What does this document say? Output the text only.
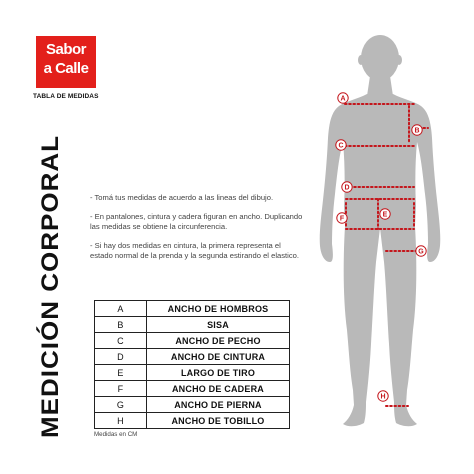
Sabor
a Calle
TABLA DE MEDIDAS
MEDICIÓN CORPORAL	- Tomá tus medidas de acuerdo a las lineas del dibujo.

- En pantalones, cintura y cadera figuran en ancho. Duplicando las medidas se obtiene la circunferencia.

- Si hay dos medidas en cintura, la primera representa el estado normal de la prenda y la segunda estirando el elastico.

A	ANCHO DE HOMBROS
B	SISA
C	ANCHO DE PECHO
D	ANCHO DE CINTURA
E	LARGO DE TIRO
F	ANCHO DE CADERA
G	ANCHO DE PIERNA
H	ANCHO DE TOBILLO
Medidas en CM
A
B
C
D
E
F
G
H
